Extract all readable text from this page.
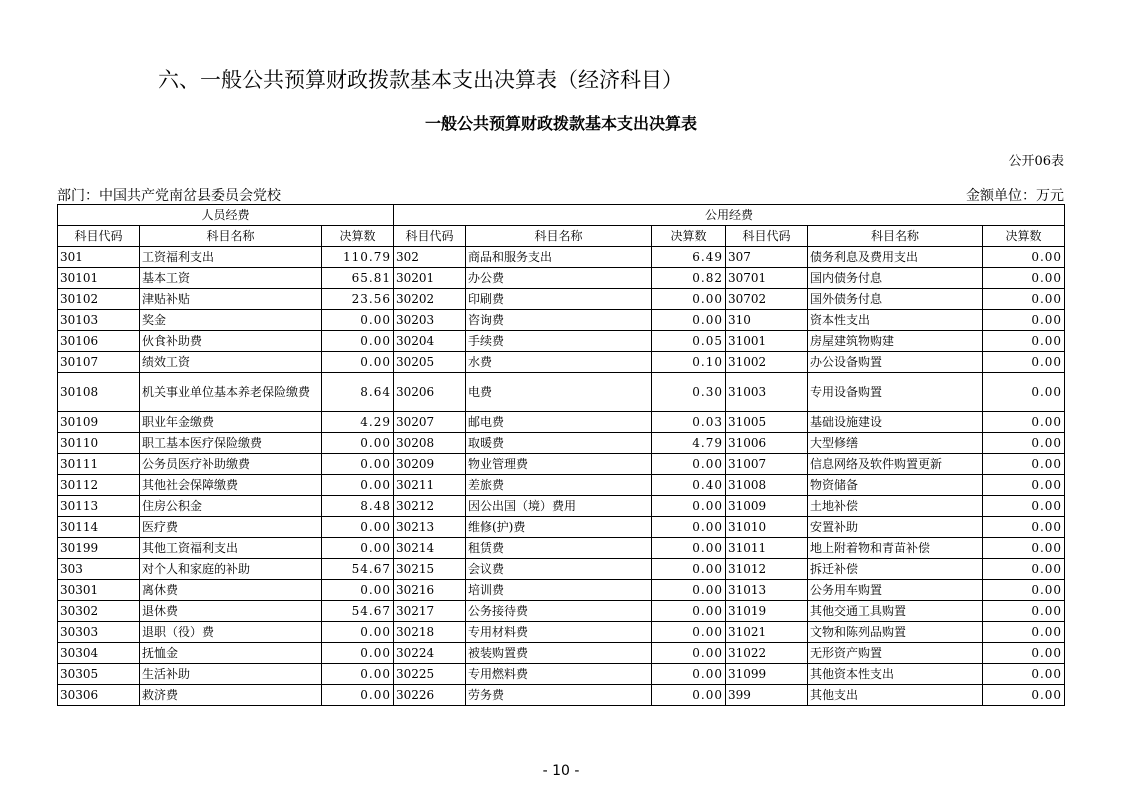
六、一般公共预算财政拨款基本支出决算表（经济科目）
一般公共预算财政拨款基本支出决算表
公开06表
部门：中国共产党南岔县委员会党校	金额单位：万元
人员经费			公用经费					
科目代码	科目名称	决算数	科目代码	科目名称	决算数	科目代码	科目名称	决算数
301	工资福利支出	110.79	302	商品和服务支出	6.49	307	债务利息及费用支出	0.00
30101	基本工资	65.81	30201	办公费	0.82	30701	国内债务付息	0.00
30102	津贴补贴	23.56	30202	印刷费	0.00	30702	国外债务付息	0.00
30103	奖金	0.00	30203	咨询费	0.00	310	资本性支出	0.00
30106	伙食补助费	0.00	30204	手续费	0.05	31001	房屋建筑物购建	0.00
30107	绩效工资	0.00	30205	水费	0.10	31002	办公设备购置	0.00
30108	机关事业单位基本养老保险缴费	8.64	30206	电费	0.30	31003	专用设备购置	0.00
30109	职业年金缴费	4.29	30207	邮电费	0.03	31005	基础设施建设	0.00
30110	职工基本医疗保险缴费	0.00	30208	取暖费	4.79	31006	大型修缮	0.00
30111	公务员医疗补助缴费	0.00	30209	物业管理费	0.00	31007	信息网络及软件购置更新	0.00
30112	其他社会保障缴费	0.00	30211	差旅费	0.40	31008	物资储备	0.00
30113	住房公积金	8.48	30212	因公出国（境）费用	0.00	31009	土地补偿	0.00
30114	医疗费	0.00	30213	维修(护)费	0.00	31010	安置补助	0.00
30199	其他工资福利支出	0.00	30214	租赁费	0.00	31011	地上附着物和青苗补偿	0.00
303	对个人和家庭的补助	54.67	30215	会议费	0.00	31012	拆迁补偿	0.00
30301	离休费	0.00	30216	培训费	0.00	31013	公务用车购置	0.00
30302	退休费	54.67	30217	公务接待费	0.00	31019	其他交通工具购置	0.00
30303	退职（役）费	0.00	30218	专用材料费	0.00	31021	文物和陈列品购置	0.00
30304	抚恤金	0.00	30224	被装购置费	0.00	31022	无形资产购置	0.00
30305	生活补助	0.00	30225	专用燃料费	0.00	31099	其他资本性支出	0.00
30306	救济费	0.00	30226	劳务费	0.00	399	其他支出	0.00
- 10 -
